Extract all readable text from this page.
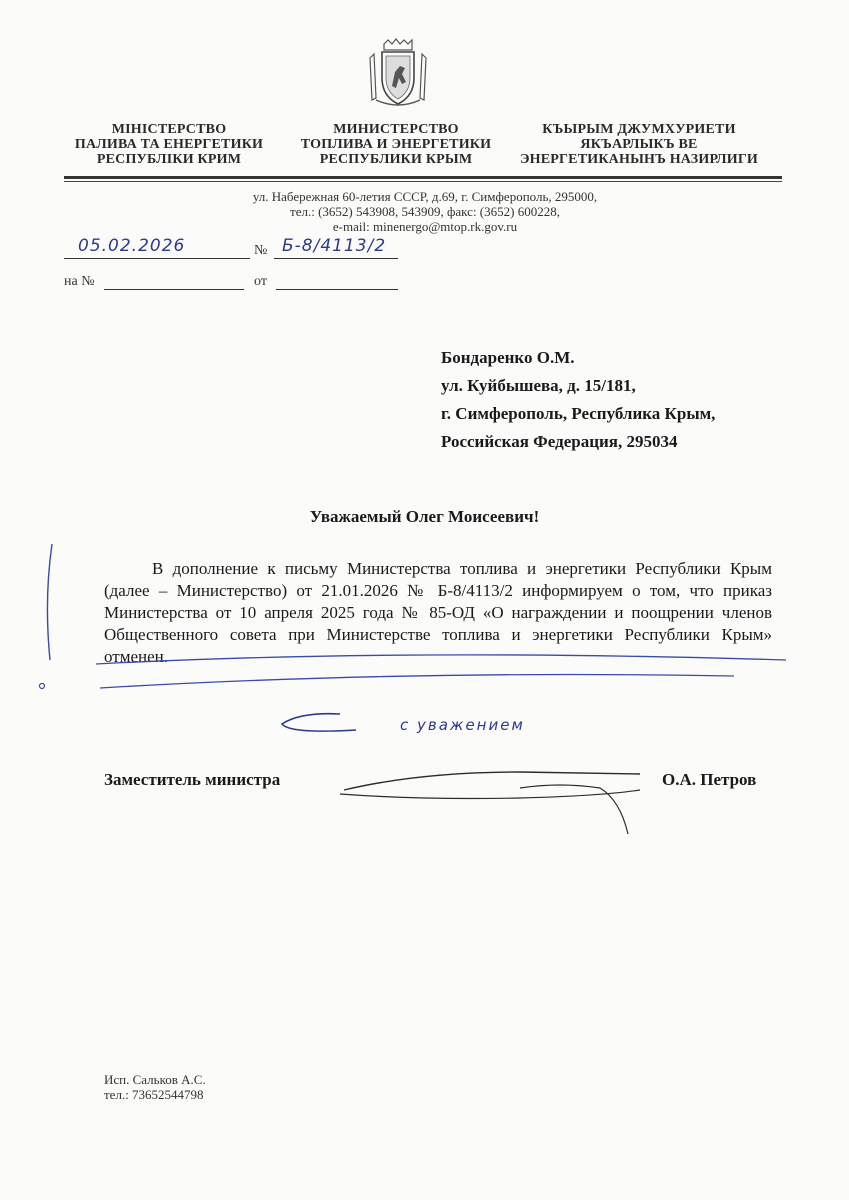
МІНІСТЕРСТВО
ПАЛИВА ТА ЕНЕРГЕТИКИ
РЕСПУБЛІКИ КРИМ
МИНИСТЕРСТВО
ТОПЛИВА И ЭНЕРГЕТИКИ
РЕСПУБЛИКИ КРЫМ
КЪЫРЫМ ДЖУМХУРИЕТИ
ЯКЪАРЛЫКЪ ВЕ
ЭНЕРГЕТИКАНЫНЪ НАЗИРЛИГИ
ул. Набережная 60-летия СССР, д.69, г. Симферополь, 295000,
тел.: (3652) 543908, 543909, факс: (3652) 600228,
e-mail: minenergo@mtop.rk.gov.ru
05.02.2026	№ Б-8/4113/2
на №	от
Бондаренко О.М.
ул. Куйбышева, д. 15/181,
г. Симферополь, Республика Крым,
Российская Федерация, 295034
Уважаемый Олег Моисеевич!
В дополнение к письму Министерства топлива и энергетики Республики Крым (далее – Министерство) от 21.01.2026 № Б-8/4113/2 информируем о том, что приказ Министерства от 10 апреля 2025 года № 85-ОД «О награждении и поощрении членов Общественного совета при Министерстве топлива и энергетики Республики Крым» отменен.
с уважением
Заместитель министра	О.А. Петров
Исп. Сальков А.С.
тел.: 73652544798
